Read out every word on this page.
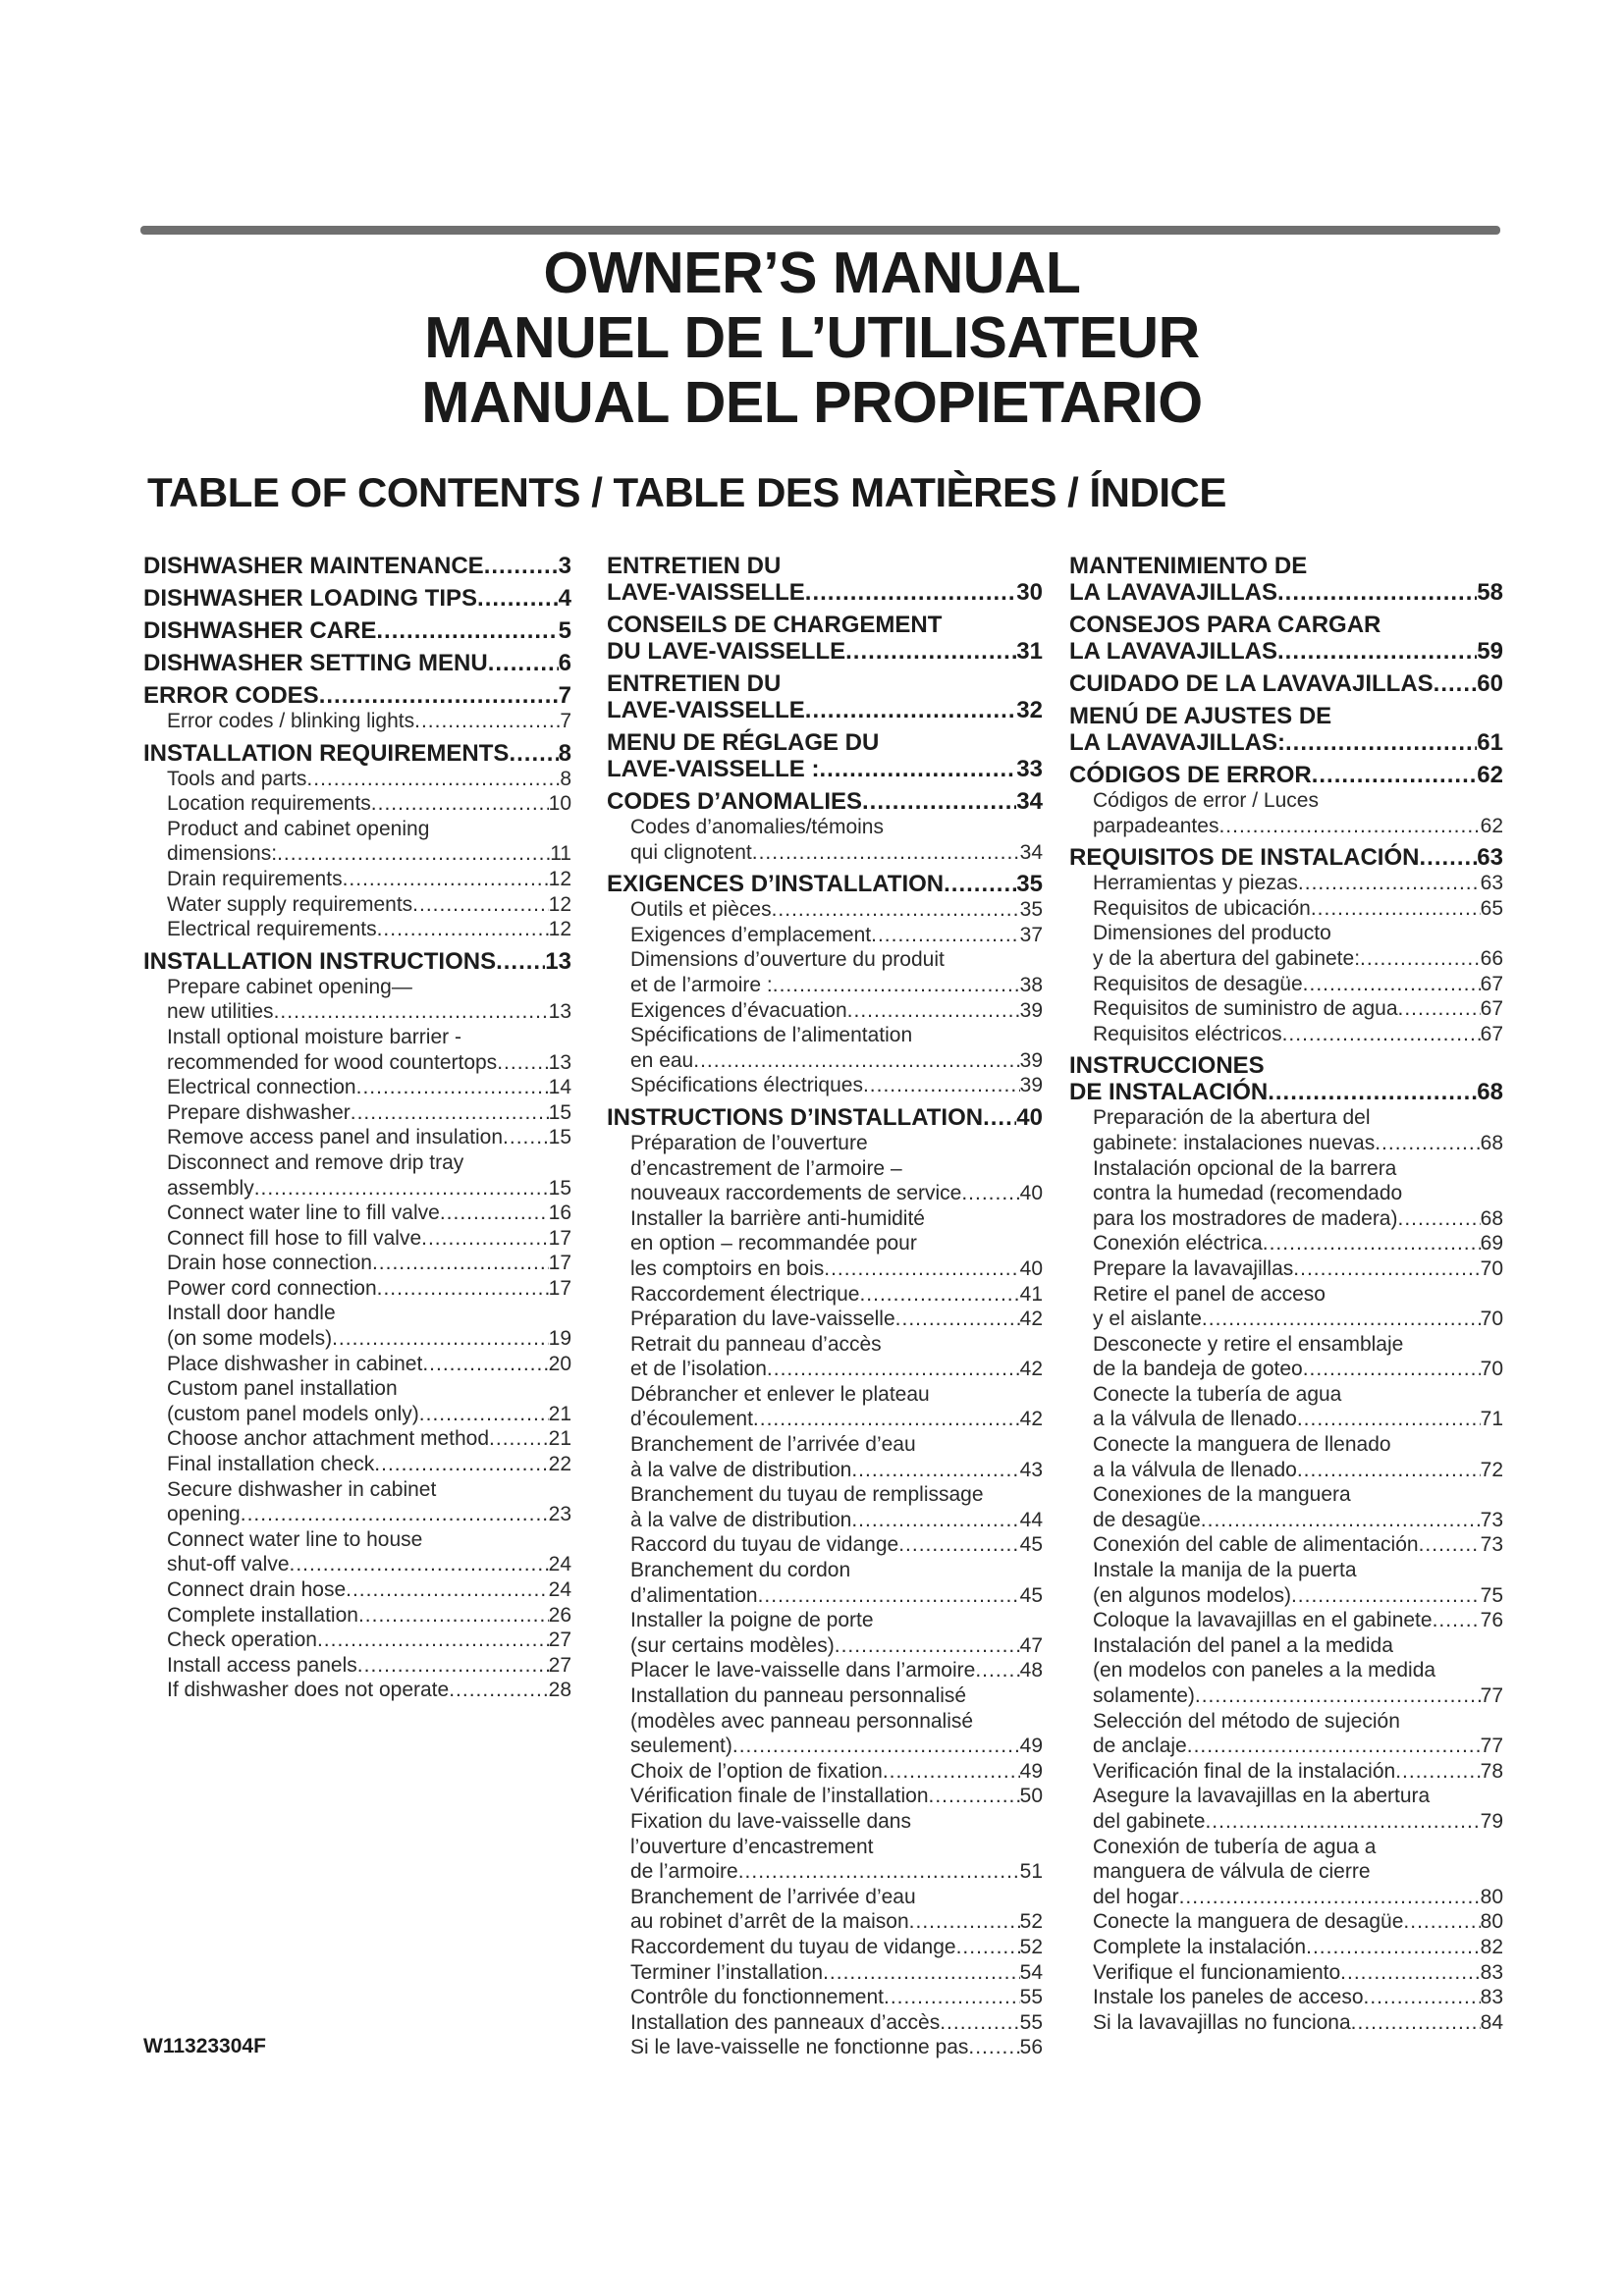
OWNER’S MANUAL
MANUEL DE L’UTILISATEUR
MANUAL DEL PROPIETARIO
TABLE OF CONTENTS / TABLE DES MATIÈRES / ÍNDICE
DISHWASHER MAINTENANCE .....	3
DISHWASHER LOADING TIPS .....	4
DISHWASHER CARE .....	5
DISHWASHER SETTING MENU .....	6
ERROR CODES .....	7
Error codes / blinking lights .....	7
INSTALLATION REQUIREMENTS ..... 8
Tools and parts .....	8
Location requirements .....	10
Product and cabinet opening
dimensions: .....	11
Drain requirements .....	12
Water supply requirements .....	12
Electrical requirements .....	12
INSTALLATION INSTRUCTIONS ..... 13
Prepare cabinet opening—
new utilities .....	13
Install optional moisture barrier -
recommended for wood countertops ..... 13
Electrical connection .....	14
Prepare dishwasher .....	15
Remove access panel and insulation ..... 15
Disconnect and remove drip tray
assembly .....	15
Connect water line to fill valve .....	16
Connect fill hose to fill valve .....	17
Drain hose connection .....	17
Power cord connection .....	17
Install door handle
(on some models) .....	19
Place dishwasher in cabinet .....	20
Custom panel installation
(custom panel models only) .....	21
Choose anchor attachment method .....	21
Final installation check .....	22
Secure dishwasher in cabinet
opening .....	23
Connect water line to house
shut-off valve .....	24
Connect drain hose .....	24
Complete installation .....	26
Check operation .....	27
Install access panels .....	27
If dishwasher does not operate .....	28
ENTRETIEN DU
LAVE-VAISSELLE .....	30
CONSEILS DE CHARGEMENT
DU LAVE-VAISSELLE .....	31
ENTRETIEN DU
LAVE-VAISSELLE .....	32
MENU DE RÉGLAGE DU
LAVE-VAISSELLE : .....	33
CODES D’ANOMALIES .....	34
Codes d’anomalies/témoins
qui clignotent .....	34
EXIGENCES D’INSTALLATION .....	35
Outils et pièces .....	35
Exigences d’emplacement .....	37
Dimensions d’ouverture du produit
et de l’armoire : .....	38
Exigences d’évacuation .....	39
Spécifications de l’alimentation
en eau .....	39
Spécifications électriques .....	39
INSTRUCTIONS D’INSTALLATION ..... 40
Préparation de l’ouverture
d’encastrement de l’armoire –
nouveaux raccordements de service .....	40
Installer la barrière anti-humidité
en option – recommandée pour
les comptoirs en bois .....	40
Raccordement électrique .....	41
Préparation du lave-vaisselle .....	42
Retrait du panneau d’accès
et de l’isolation .....	42
Débrancher et enlever le plateau
d’écoulement .....	42
Branchement de l’arrivée d’eau
à la valve de distribution .....	43
Branchement du tuyau de remplissage
à la valve de distribution .....	44
Raccord du tuyau de vidange .....	45
Branchement du cordon
d’alimentation .....	45
Installer la poigne de porte
(sur certains modèles) .....	47
Placer le lave-vaisselle dans l’armoire ..... 48
Installation du panneau personnalisé
(modèles avec panneau personnalisé
seulement) .....	49
Choix de l’option de fixation .....	49
Vérification finale de l’installation .....	50
Fixation du lave-vaisselle dans
l’ouverture d’encastrement
de l’armoire .....	51
Branchement de l’arrivée d’eau
au robinet d’arrêt de la maison .....	52
Raccordement du tuyau de vidange .....	52
Terminer l’installation .....	54
Contrôle du fonctionnement .....	55
Installation des panneaux d’accès .....	55
Si le lave-vaisselle ne fonctionne pas ..... 56
MANTENIMIENTO DE
LA LAVAVAJILLAS .....	58
CONSEJOS PARA CARGAR
LA LAVAVAJILLAS .....	59
CUIDADO DE LA LAVAVAJILLAS ..... 60
MENÚ DE AJUSTES DE
LA LAVAVAJILLAS: .....	61
CÓDIGOS DE ERROR .....	62
Códigos de error / Luces
parpadeantes .....	62
REQUISITOS DE INSTALACIÓN ..... 63
Herramientas y piezas .....	63
Requisitos de ubicación .....	65
Dimensiones del producto
y de la abertura del gabinete: .....	66
Requisitos de desagüe .....	67
Requisitos de suministro de agua .....	67
Requisitos eléctricos .....	67
INSTRUCCIONES
DE INSTALACIÓN .....	68
Preparación de la abertura del
gabinete: instalaciones nuevas .....	68
Instalación opcional de la barrera
contra la humedad (recomendado
para los mostradores de madera) .....	68
Conexión eléctrica .....	69
Prepare la lavavajillas .....	70
Retire el panel de acceso
y el aislante .....	70
Desconecte y retire el ensamblaje
de la bandeja de goteo .....	70
Conecte la tubería de agua
a la válvula de llenado .....	71
Conecte la manguera de llenado
a la válvula de llenado .....	72
Conexiones de la manguera
de desagüe .....	73
Conexión del cable de alimentación .....	73
Instale la manija de la puerta
(en algunos modelos) .....	75
Coloque la lavavajillas en el gabinete ..... 76
Instalación del panel a la medida
(en modelos con paneles a la medida
solamente) .....	77
Selección del método de sujeción
de anclaje .....	77
Verificación final de la instalación .....	78
Asegure la lavavajillas en la abertura
del gabinete .....	79
Conexión de tubería de agua a
manguera de válvula de cierre
del hogar .....	80
Conecte la manguera de desagüe .....	80
Complete la instalación .....	82
Verifique el funcionamiento .....	83
Instale los paneles de acceso .....	83
Si la lavavajillas no funciona .....	84
W11323304F
